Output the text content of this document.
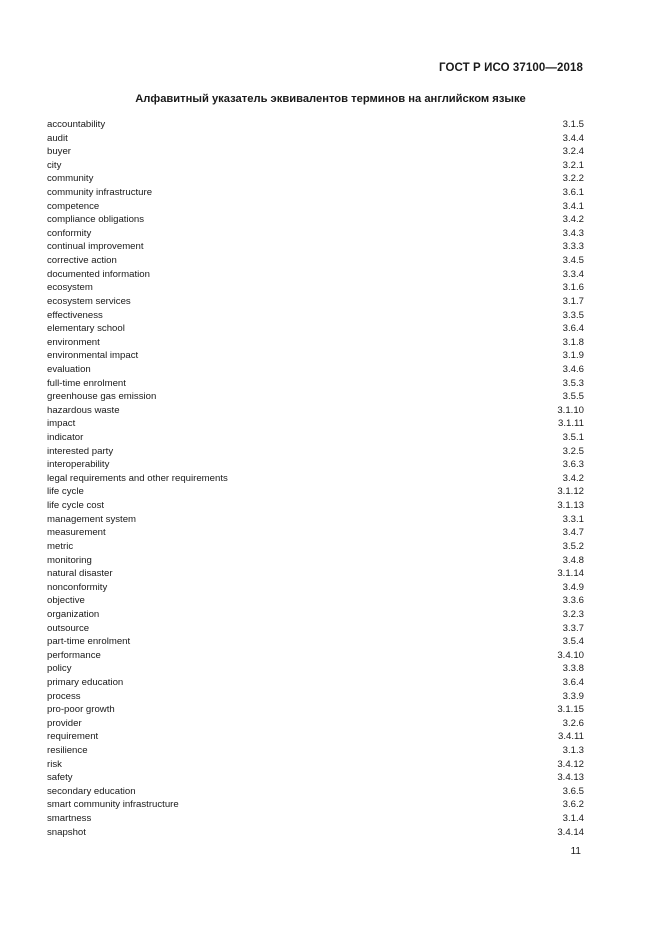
ГОСТ Р ИСО 37100—2018
Алфавитный указатель эквивалентов терминов на английском языке
accountability	3.1.5
audit	3.4.4
buyer	3.2.4
city	3.2.1
community	3.2.2
community infrastructure	3.6.1
competence	3.4.1
compliance obligations	3.4.2
conformity	3.4.3
continual improvement	3.3.3
corrective action	3.4.5
documented information	3.3.4
ecosystem	3.1.6
ecosystem services	3.1.7
effectiveness	3.3.5
elementary school	3.6.4
environment	3.1.8
environmental impact	3.1.9
evaluation	3.4.6
full-time enrolment	3.5.3
greenhouse gas emission	3.5.5
hazardous waste	3.1.10
impact	3.1.11
indicator	3.5.1
interested party	3.2.5
interoperability	3.6.3
legal requirements and other requirements	3.4.2
life cycle	3.1.12
life cycle cost	3.1.13
management system	3.3.1
measurement	3.4.7
metric	3.5.2
monitoring	3.4.8
natural disaster	3.1.14
nonconformity	3.4.9
objective	3.3.6
organization	3.2.3
outsource	3.3.7
part-time enrolment	3.5.4
performance	3.4.10
policy	3.3.8
primary education	3.6.4
process	3.3.9
pro-poor growth	3.1.15
provider	3.2.6
requirement	3.4.11
resilience	3.1.3
risk	3.4.12
safety	3.4.13
secondary education	3.6.5
smart community infrastructure	3.6.2
smartness	3.1.4
snapshot	3.4.14
11
